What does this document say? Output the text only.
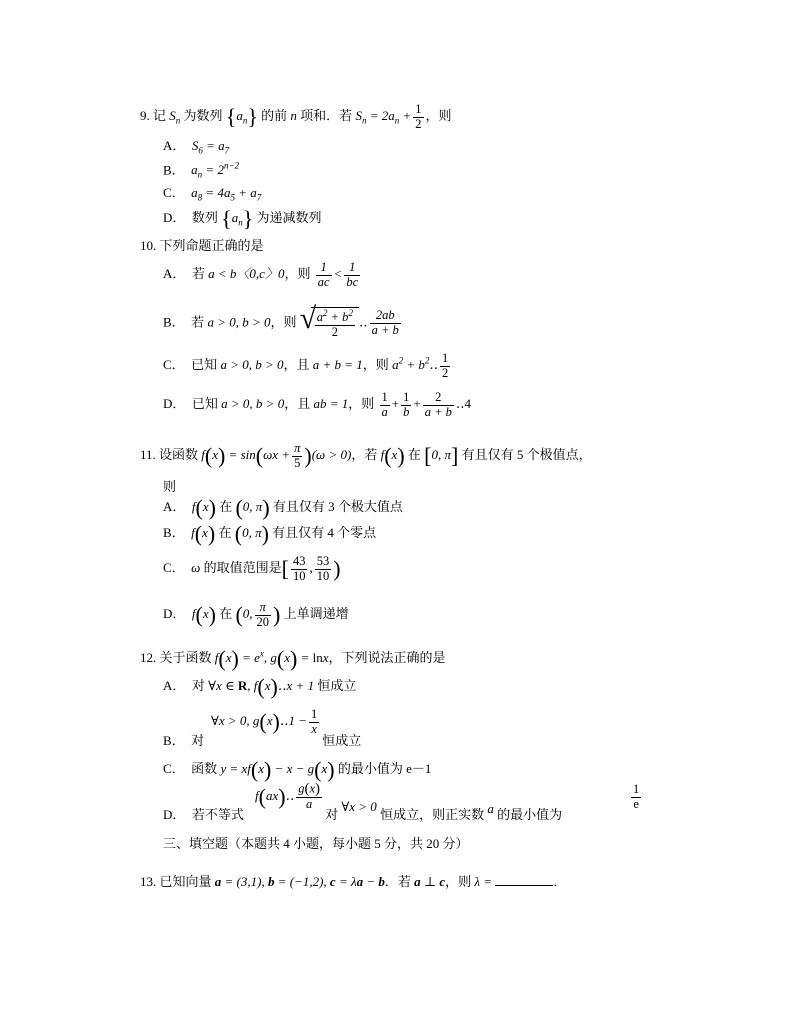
9. 记 $S_n$ 为数列 $\{a_n\}$ 的前 n 项和．若 $S_n = 2a_n + \frac{1}{2}$ ，则
A． $S_6 = a_7$
B． $a_n = 2^{n-2}$
C． $a_8 = 4a_5 + a_7$
D． 数列 $\{a_n\}$ 为递减数列
10. 下列命题正确的是
A． 若 a < b〈0,c〉0，则 $\frac{1}{ac} < \frac{1}{bc}$
B． 若 a > 0, b > 0，则 √
$\frac{a^2 + b^2}{2}$ ‥ $\frac{2ab}{a + b}$
C． 已知 a > 0, b > 0，且 a + b = 1，则 $a^2$ + $b^2‥ \frac{1}{2}$
D． 已知 a > 0, b > 0，且 ab = 1，则 $\frac{1}{a} + \frac{1}{b} + \frac{2}{a + b}$ ‥4
11. 设函数 $f(x) = \sin(\omega x + \frac{\pi}{5} )(\omega > 0)$，若 f(x) 在 [0, π] 有且仅有 5 个极值点，
则
A． f(x) 在 (0, π) 有且仅有 3 个极大值点
B． f(x) 在 (0, π) 有且仅有 4 个零点
C． ω 的取值范围是[ $\frac{43}{10}$ , $\frac{53}{10}$ )
D． f(x) 在 (0, $\frac{\pi}{20}$ ) 上单调递增
12. 关于函数 $f(x) = e^x$, g(x) = lnx，下列说法正确的是
A． 对 ∀x ∈ R, f(x)‥x + 1 恒成立
∀x > 0, g(x)‥1 − $\frac{1}{x}$
B． 对	恒成立
C． 函数 y = xf(x) − x − g(x) 的最小值为 e－1
f(ax)‥ $\frac{g(x)}{a}$
D． 若不等式	对 ∀x > 0 恒成立，则正实数 a 的最小值为
$\frac{1}{e}$
三、填空题（本题共 4 小题，每小题 5 分，共 20 分）
13. 已知向量 a = (3,1), b = (−1,2), c = λa − b．若 a ⊥ c，则 λ =	．
